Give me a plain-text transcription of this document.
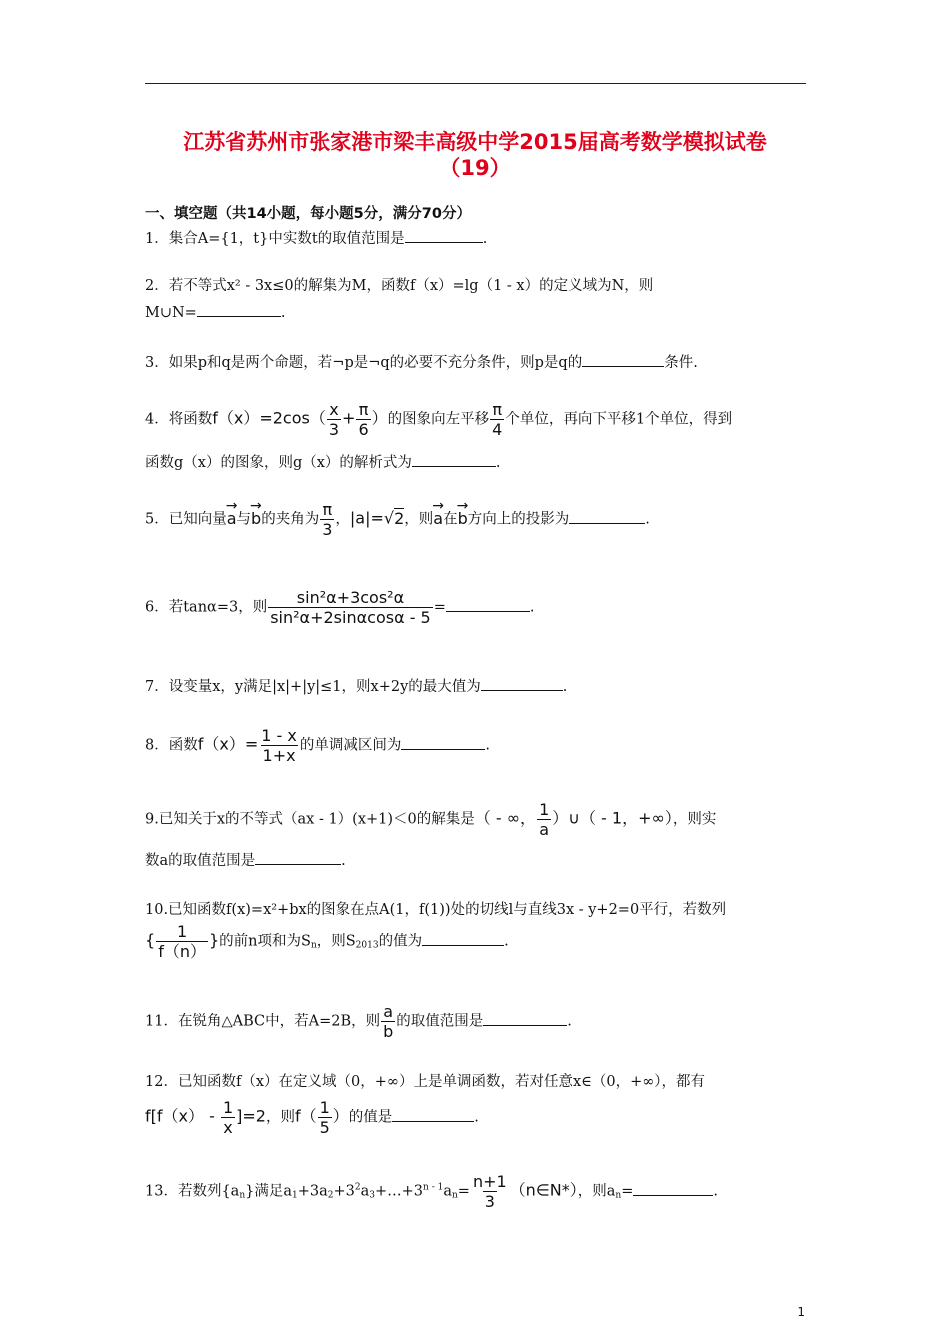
江苏省苏州市张家港市梁丰高级中学2015届高考数学模拟试卷
（19）
一、填空题（共14小题，每小题5分，满分70分）
1．集合A={1，t}中实数t的取值范围是	.
2．若不等式x² - 3x≤0的解集为M，函数f（x）=lg（1 - x）的定义域为N，则
M∪N=	.
3．如果p和q是两个命题，若¬p是¬q的必要不充分条件，则p是q的	条件.
4．将函数$f(x)=2\cos( \frac{x}{3} + \frac{\pi}{6}$ ）的图象向左平移 $\frac{\pi}{4}$ 个单位，再向下平移1个单位，得到
函数g（x）的图象，则g（x）的解析式为	.
5．已知向量→ a与→ b的夹角为 $\frac{\pi}{3}$ ，|a|=√2，则→ a在→ b方向上的投影为	.
6．若tanα=3，则 $\frac{\text{sin²α+3cos²α}}{\text{sin²α+2sinαcosα - 5}}$ =	.
7．设变量x，y满足|x|+|y|≤1，则x+2y的最大值为	.
8．函数$f(x)= \frac{1 - x}{1+x}$ 的单调减区间为	.
9.已知关于x的不等式（ax - 1）(x+1)＜0的解集是（ - ∞， $\frac{1}{a}$ ）∪（ - 1，+∞），则实
数a的取值范围是	.
10.已知函数f(x)=x²+bx的图象在点A(1，f(1))处的切线l与直线3x - y+2=0平行，若数列
{ $\frac{1}{f(n)}$ }的前n项和为$S_n$，则$S_{2013}$的值为	.
11．在锐角△ABC中，若A=2B，则 $\frac{a}{b}$ 的取值范围是	.
12．已知函数f（x）在定义域（0，+∞）上是单调函数，若对任意x∈（0，+∞），都有
$f[f(x) - \frac{1}{x} ]=2$，则$f( \frac{1}{5}$ ）的值是	.
13．若数列$\{a_n\}$满足$a_1+3a_2+3^2a_3+\dots+3^{n - 1}a_n= \frac{n+1}{3}$ （n∈N*），则$a_n=$	.
1
